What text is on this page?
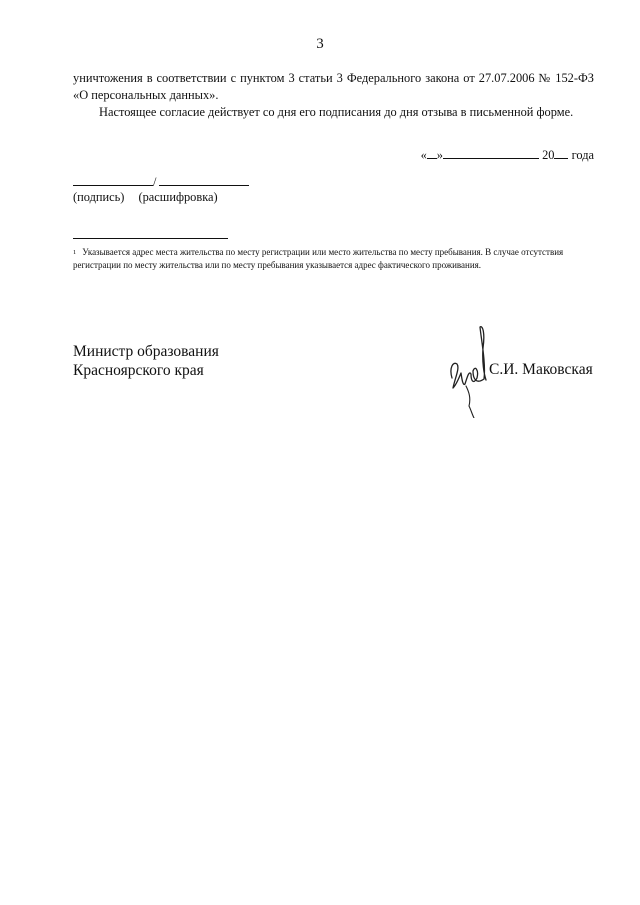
3
уничтожения в соответствии с пунктом 3 статьи 3 Федерального закона от 27.07.2006 № 152-ФЗ «О персональных данных».
Настоящее согласие действует со дня его подписания до дня отзыва в письменной форме.
« »	20 года
/
(подпись) (расшифровка)
$^1$ Указывается адрес места жительства по месту регистрации или место жительства по месту пребывания. В случае отсутствия регистрации по месту жительства или по месту пребывания указывается адрес фактического проживания.
Министр образования
Красноярского края	С.И. Маковская
